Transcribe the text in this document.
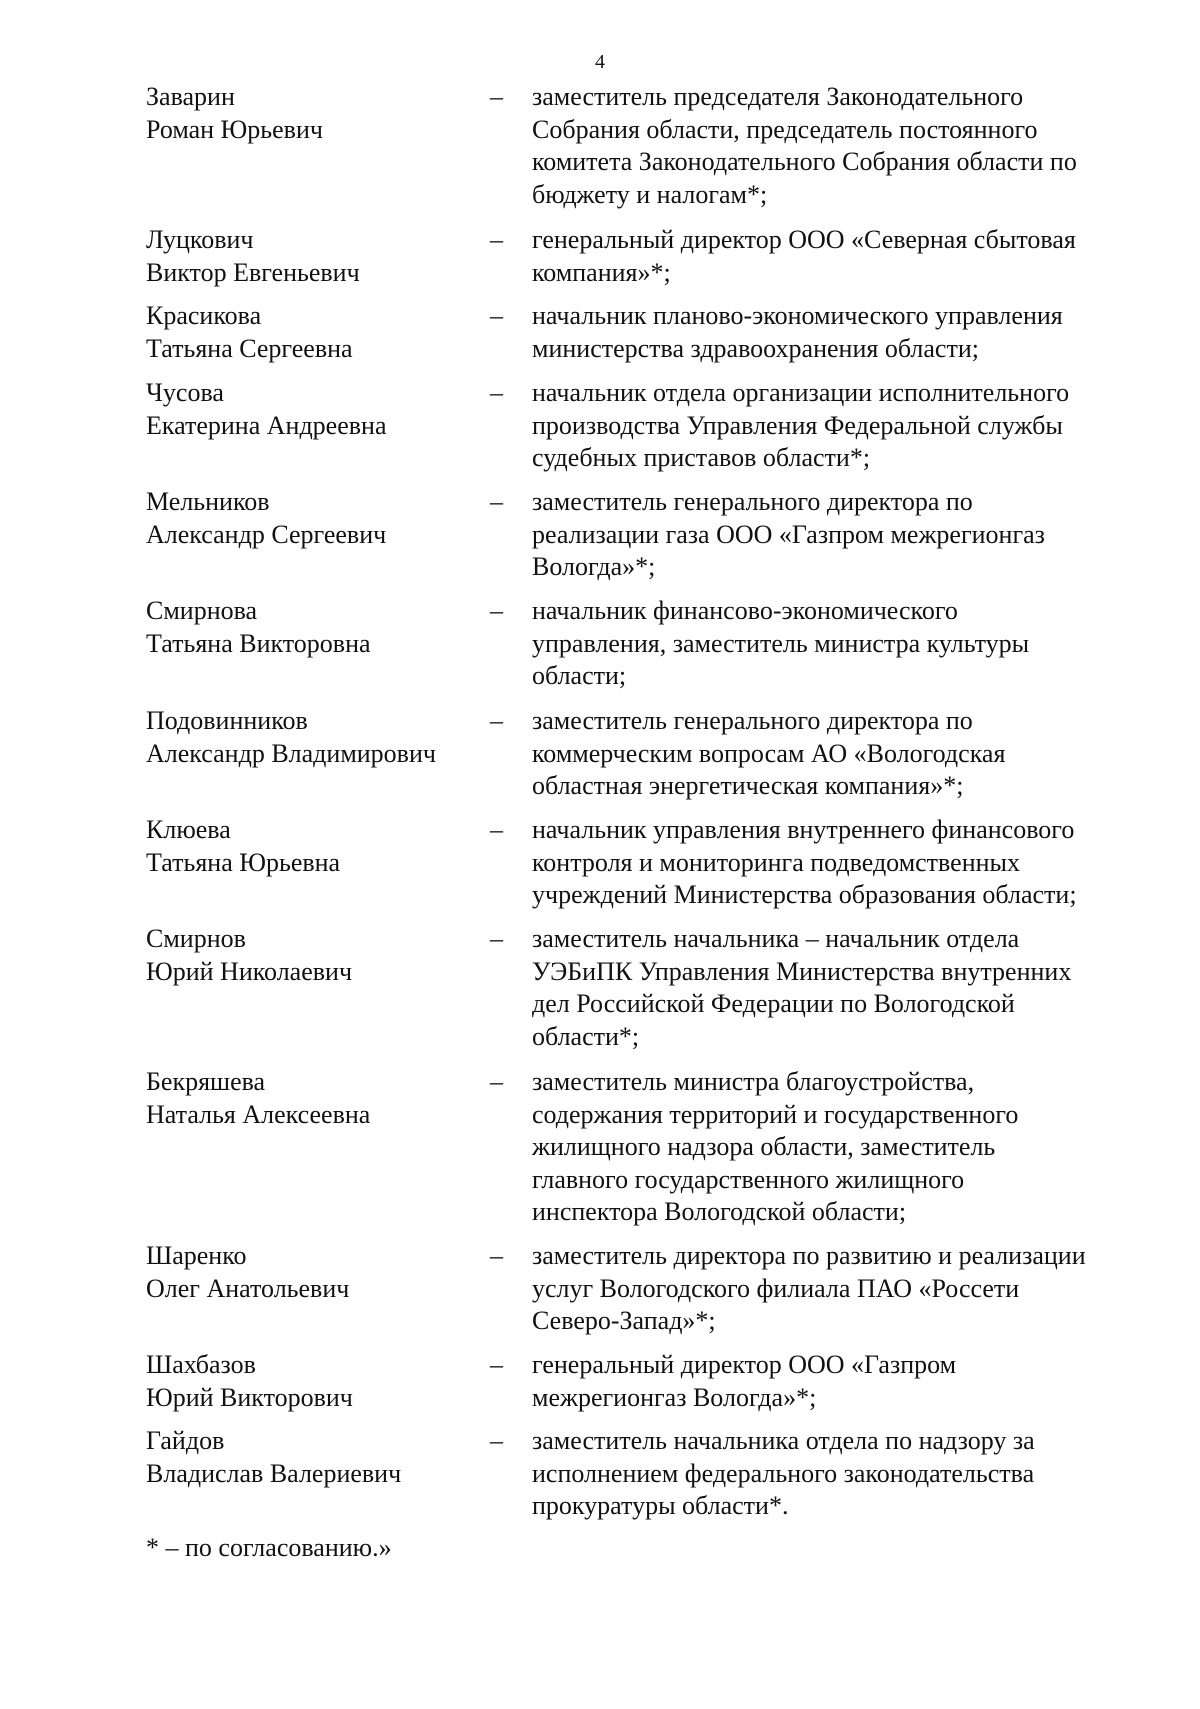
4
Заварин
Роман Юрьевич
– заместитель председателя Законодательного
Собрания области, председатель постоянного
комитета Законодательного Собрания области по
бюджету и налогам*;
Луцкович
Виктор Евгеньевич
– генеральный директор ООО «Северная сбытовая
компания»*;
Красикова
Татьяна Сергеевна
– начальник планово-экономического управления
министерства здравоохранения области;
Чусова
Екатерина Андреевна
– начальник отдела организации исполнительного
производства Управления Федеральной службы
судебных приставов области*;
Мельников
Александр Сергеевич
– заместитель генерального директора по
реализации газа ООО «Газпром межрегионгаз
Вологда»*;
Смирнова
Татьяна Викторовна
– начальник финансово-экономического
управления, заместитель министра культуры
области;
Подовинников
Александр Владимирович
– заместитель генерального директора по
коммерческим вопросам АО «Вологодская
областная энергетическая компания»*;
Клюева
Татьяна Юрьевна
– начальник управления внутреннего финансового
контроля и мониторинга подведомственных
учреждений Министерства образования области;
Смирнов
Юрий Николаевич
– заместитель начальника – начальник отдела
УЭБиПК Управления Министерства внутренних
дел Российской Федерации по Вологодской
области*;
Бекряшева
Наталья Алексеевна
– заместитель министра благоустройства,
содержания территорий и государственного
жилищного надзора области, заместитель
главного государственного жилищного
инспектора Вологодской области;
Шаренко
Олег Анатольевич
– заместитель директора по развитию и реализации
услуг Вологодского филиала ПАО «Россети
Северо-Запад»*;
Шахбазов
Юрий Викторович
– генеральный директор ООО «Газпром
межрегионгаз Вологда»*;
Гайдов
Владислав Валериевич
– заместитель начальника отдела по надзору за
исполнением федерального законодательства
прокуратуры области*.
* – по согласованию.»
